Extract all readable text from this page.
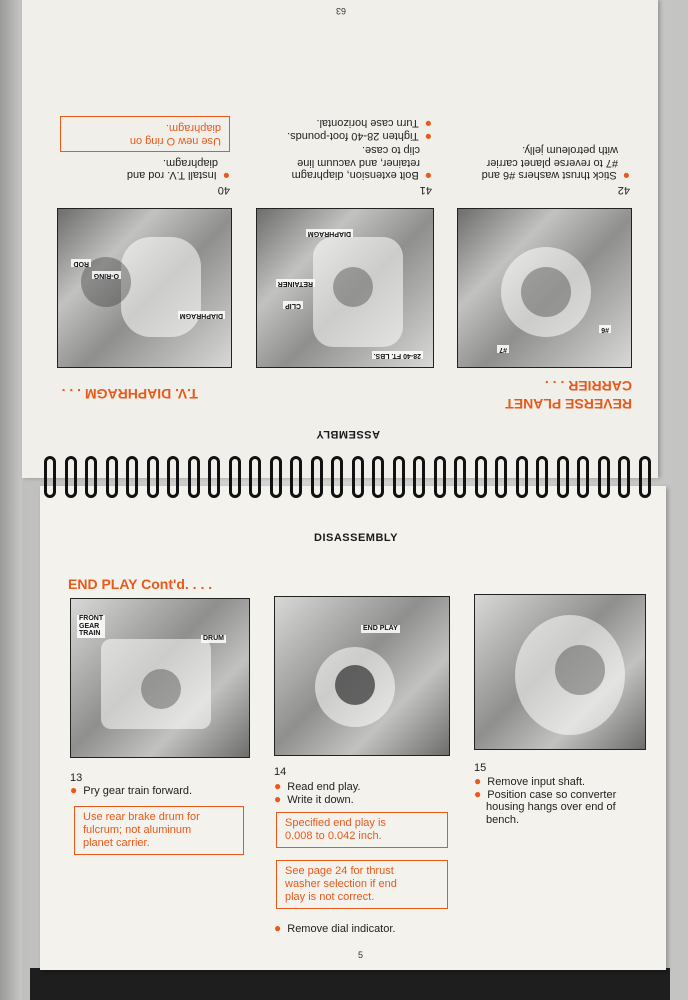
63
ASSEMBLY
REVERSE PLANET
CARRIER . . .
T.V. DIAPHRAGM . . .
#7
#6
28-40 FT. LBS.
CLIP
RETAINER
DIAPHRAGM
DIAPHRAGM
O-RING
ROD
42
●Stick thrust washers #6 and
#7 to reverse planet carrier
with petroleum jelly.
41
●Bolt extension, diaphragm
retainer, and vacuum line
clip to case.
●Tighten 28-40 foot-pounds.
●Turn case horizontal.
40
●Install T.V. rod and
diaphragm.
Use new O ring on
diaphragm.
DISASSEMBLY
END PLAY Cont'd. . . .
FRONT
GEAR
TRAIN
DRUM
END PLAY
13
● Pry gear train forward.
Use rear brake drum for
fulcrum; not aluminum
planet carrier.
14
● Read end play.
● Write it down.
Specified end play is
0.008 to 0.042 inch.
See page 24 for thrust
washer selection if end
play is not correct.
● Remove dial indicator.
15
● Remove input shaft.
● Position case so converter
housing hangs over end of
bench.
5
